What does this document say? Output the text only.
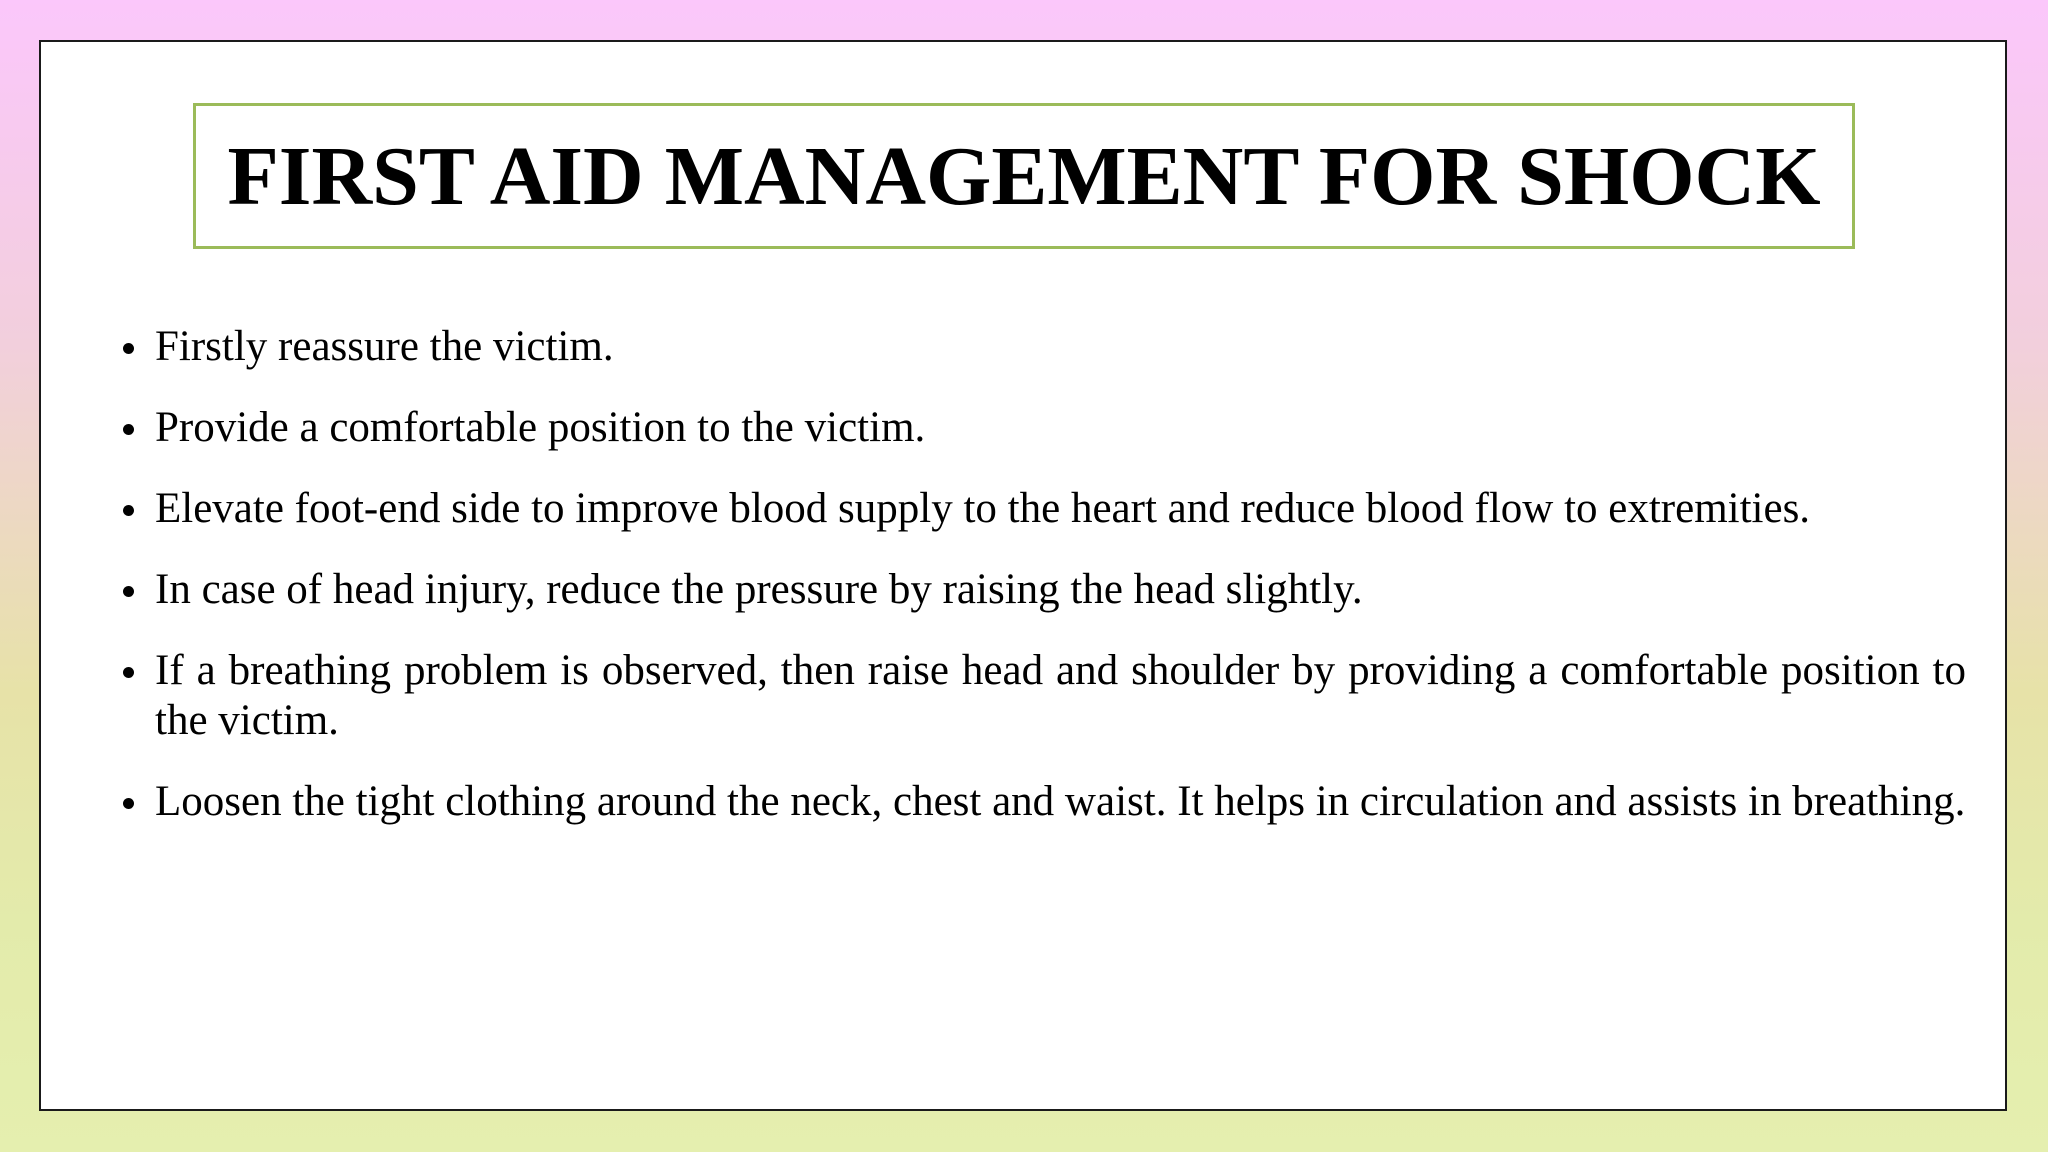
FIRST AID MANAGEMENT FOR SHOCK
Firstly reassure the victim.
Provide a comfortable position to the victim.
Elevate foot-end side to improve blood supply to the heart and reduce blood flow to extremities.
In case of head injury, reduce the pressure by raising the head slightly.
If a breathing problem is observed, then raise head and shoulder by providing a comfortable position to the victim.
Loosen the tight clothing around the neck, chest and waist. It helps in circulation and assists in breathing.
